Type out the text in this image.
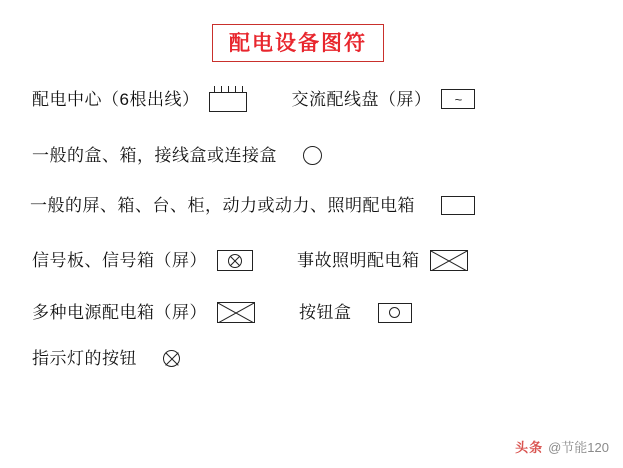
配电设备图符
配电中心（6根出线）	交流配线盘（屏）	~
一般的盒、箱，接线盒或连接盒
一般的屏、箱、台、柜，动力或动力、照明配电箱
信号板、信号箱（屏）	事故照明配电箱
多种电源配电箱（屏）	按钮盒
指示灯的按钮
头条 @节能120
